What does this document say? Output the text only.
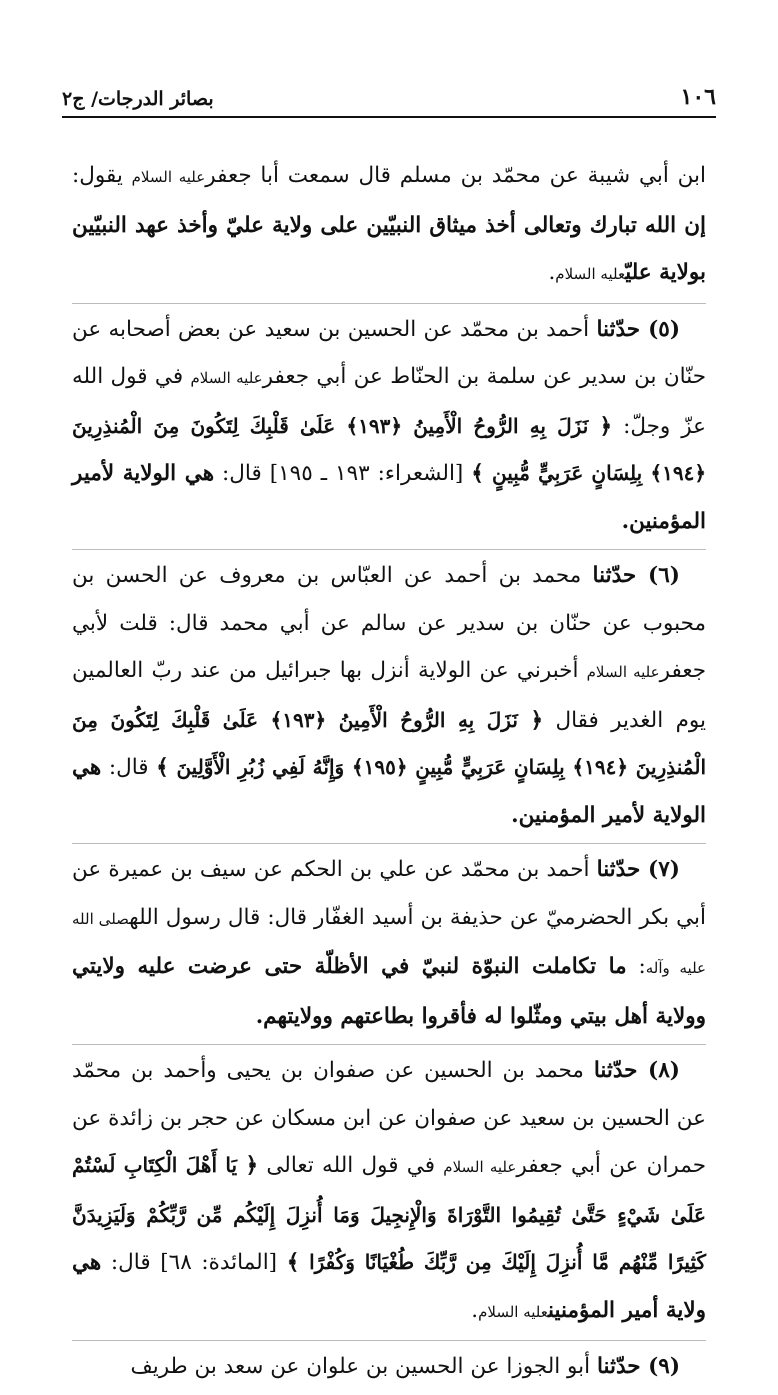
١٠٦
بصائر الدرجات/ ج٢

ابن أبي شيبة عن محمّد بن مسلم قال سمعت أبا جعفرعليه السلام يقول: إن الله تبارك وتعالى أخذ ميثاق النبيّين على ولاية عليّ وأخذ عهد النبيّين بولاية عليّعليه السلام.

(٥) حدّثنا أحمد بن محمّد عن الحسين بن سعيد عن بعض أصحابه عن حنّان بن سدير عن سلمة بن الحنّاط عن أبي جعفرعليه السلام في قول الله عزّ وجلّ: ﴿ نَزَلَ بِهِ الرُّوحُ الْأَمِينُ ﴿١٩٣﴾ عَلَىٰ قَلْبِكَ لِتَكُونَ مِنَ الْمُنذِرِينَ ﴿١٩٤﴾ بِلِسَانٍ عَرَبِيٍّ مُّبِينٍ ﴾ [الشعراء: ١٩٣ ـ ١٩٥] قال: هي الولاية لأمير المؤمنين.

(٦) حدّثنا محمد بن أحمد عن العبّاس بن معروف عن الحسن بن محبوب عن حنّان بن سدير عن سالم عن أبي محمد قال: قلت لأبي جعفرعليه السلام أخبرني عن الولاية أنزل بها جبرائيل من عند ربّ العالمين يوم الغدير فقال ﴿ نَزَلَ بِهِ الرُّوحُ الْأَمِينُ ﴿١٩٣﴾ عَلَىٰ قَلْبِكَ لِتَكُونَ مِنَ الْمُنذِرِينَ ﴿١٩٤﴾ بِلِسَانٍ عَرَبِيٍّ مُّبِينٍ ﴿١٩٥﴾ وَإِنَّهُ لَفِي زُبُرِ الْأَوَّلِينَ ﴾ قال: هي الولاية لأمير المؤمنين.

(٧) حدّثنا أحمد بن محمّد عن علي بن الحكم عن سيف بن عميرة عن أبي بكر الحضرميّ عن حذيفة بن أسيد الغفّار قال: قال رسول اللهصلى الله عليه وآله: ما تكاملت النبوّة لنبيّ في الأظلّة حتى عرضت عليه ولايتي وولاية أهل بيتي ومثّلوا له فأقروا بطاعتهم وولايتهم.

(٨) حدّثنا محمد بن الحسين عن صفوان بن يحيى وأحمد بن محمّد عن الحسين بن سعيد عن صفوان عن ابن مسكان عن حجر بن زائدة عن حمران عن أبي جعفرعليه السلام في قول الله تعالى ﴿ يَا أَهْلَ الْكِتَابِ لَسْتُمْ عَلَىٰ شَيْءٍ حَتَّىٰ تُقِيمُوا التَّوْرَاةَ وَالْإِنجِيلَ وَمَا أُنزِلَ إِلَيْكُم مِّن رَّبِّكُمْ وَلَيَزِيدَنَّ كَثِيرًا مِّنْهُم مَّا أُنزِلَ إِلَيْكَ مِن رَّبِّكَ طُغْيَانًا وَكُفْرًا ﴾ [المائدة: ٦٨] قال: هي ولاية أمير المؤمنينعليه السلام.

(٩) حدّثنا أبو الجوزا عن الحسين بن علوان عن سعد بن طريف
